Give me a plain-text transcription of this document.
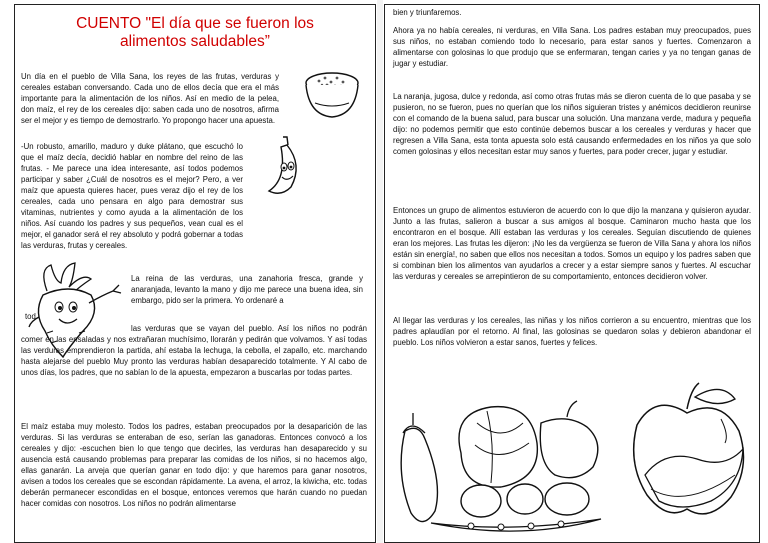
CUENTO "El día que se fueron los
alimentos saludables”

Un día en el pueblo de Villa Sana, los reyes de las frutas, verduras y cereales estaban conversando. Cada uno de ellos decía que era el más importante para la alimentación de los niños. Así en medio de la pelea, don maíz, el rey de los cereales dijo: saben cada uno de nosotros, afirma ser el mejor y es tiempo de demostrarlo. Yo propongo hacer una apuesta.

-Un robusto, amarillo, maduro y duke plátano, que escuchó lo que el maíz decía, decidió hablar en nombre del reino de las frutas. - Me parece una idea interesante, así todos podemos participar y saber ¿Cuál de nosotros es el mejor? Pero, a ver maíz que apuesta quieres hacer, pues veraz dijo el rey de los cereales, cada uno pensara en algo para demostrar sus vitaminas, nutrientes y como ayuda a la alimentación de los niños. Así cuando los padres y sus pequeños, vean cual es el mejor, el ganador será el rey absoluto y podrá gobernar a todas las verduras, frutas y cereales.

tod

La reina de las verduras, una zanahoria fresca, grande y anaranjada, levanto la mano y dijo me parece una buena idea, sin embargo, pido ser la primera. Yo ordenaré a

las verduras que se vayan del pueblo. Así los niños no podrán comer en las ensaladas y nos extrañaran muchísimo, llorarán y pedirán que volvamos. Y así todas las verduras emprendieron la partida, ahí estaba la lechuga, la cebolla, el zapallo, etc. marchando hasta alejarse del pueblo Muy pronto las verduras habían desaparecido totalmente. Y Al cabo de unos días, los padres, que no sabían lo de la apuesta, empezaron a buscarlas por todas partes.

El maíz estaba muy molesto. Todos los padres, estaban preocupados por la desaparición de las verduras. Si las verduras se enteraban de eso, serían las ganadoras. Entonces convocó a los cereales y dijo: -escuchen bien lo que tengo que decirles, las verduras han desaparecido y su ausencia está causando problemas para preparar las comidas de los niños, si no hacemos algo, ellas ganarán. La arveja que querían ganar en todo dijo: y que haremos para ganar nosotros, avisen a todos los cereales que se escondan rápidamente. La avena, el arroz, la kiwicha, etc. todas deberán permanecer escondidas en el bosque, entonces veremos que harán cuando no puedan hacer comidas con nosotros. Los niños no podrán alimentarse

bien y triunfaremos.

Ahora ya no había cereales, ni verduras, en Villa Sana. Los padres estaban muy preocupados, pues sus niños, no estaban comiendo todo lo necesario, para estar sanos y fuertes. Comenzaron a alimentarse con golosinas lo que produjo que se enfermaran, tengan caries y ya no tengan ganas de jugar y estudiar.

La naranja, jugosa, dulce y redonda, así como otras frutas más se dieron cuenta de lo que pasaba y se pusieron, no se fueron, pues no querían que los niños siguieran tristes y anémicos decidieron reunirse con el comando de la buena salud, para buscar una solución. Una manzana verde, madura y pequeña dijo: no podemos permitir que esto continúe debemos buscar a los cereales y verduras y hacer que regresen a Villa Sana, esta tonta apuesta solo está causando enfermedades en los niños ya que solo comen golosinas y ellos necesitan estar muy sanos y fuertes, para poder crecer, jugar y estudiar.

Entonces un grupo de alimentos estuvieron de acuerdo con lo que dijo la manzana y quisieron ayudar. Junto a las frutas, salieron a buscar a sus amigos al bosque. Caminaron mucho hasta que los encontraron en el bosque. Allí estaban las verduras y los cereales. Seguían discutiendo de quienes eran los mejores. Las frutas les dijeron: ¡No les da vergüenza se fueron de Villa Sana y ahora los niños están sin energía!, no saben que ellos nos necesitan a todos. Somos un equipo y los padres saben que si combinan bien los alimentos van ayudarlos a crecer y a estar siempre sanos y fuertes. Al escuchar las verduras y cereales se arrepintieron de su comportamiento, entonces decidieron volver.

Al llegar las verduras y los cereales, las niñas y los niños corrieron a su encuentro, mientras que los padres aplaudían por el retorno. Al final, las golosinas se quedaron solas y debieron abandonar el pueblo. Los niños volvieron a estar sanos, fuertes y felices.
